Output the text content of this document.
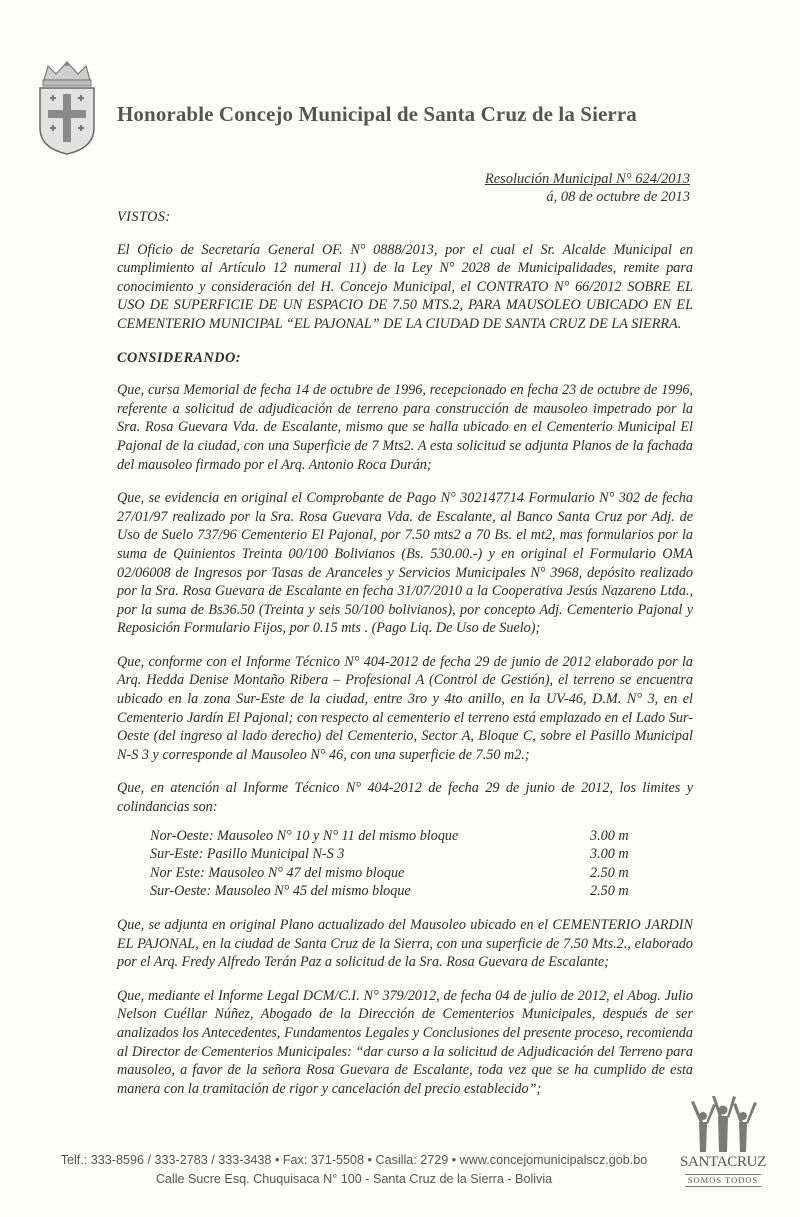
Honorable Concejo Municipal de Santa Cruz de la Sierra
Resolución Municipal N° 624/2013
á, 08 de octubre de 2013
VISTOS:

El Oficio de Secretaría General OF. N° 0888/2013, por el cual el Sr. Alcalde Municipal en cumplimiento al Artículo 12 numeral 11) de la Ley N° 2028 de Municipalidades, remite para conocimiento y consideración del H. Concejo Municipal, el CONTRATO N° 66/2012 SOBRE EL USO DE SUPERFICIE DE UN ESPACIO DE 7.50 MTS.2, PARA MAUSOLEO UBICADO EN EL CEMENTERIO MUNICIPAL “EL PAJONAL” DE LA CIUDAD DE SANTA CRUZ DE LA SIERRA.

CONSIDERANDO:

Que, cursa Memorial de fecha 14 de octubre de 1996, recepcionado en fecha 23 de octubre de 1996, referente a solicitud de adjudicación de terreno para construcción de mausoleo impetrado por la Sra. Rosa Guevara Vda. de Escalante, mismo que se halla ubicado en el Cementerio Municipal El Pajonal de la ciudad, con una Superficie de 7 Mts2. A esta solicitud se adjunta Planos de la fachada del mausoleo firmado por el Arq. Antonio Roca Durán;

Que, se evidencia en original el Comprobante de Pago N° 302147714 Formulario N° 302 de fecha 27/01/97 realizado por la Sra. Rosa Guevara Vda. de Escalante, al Banco Santa Cruz por Adj. de Uso de Suelo 737/96 Cementerio El Pajonal, por 7.50 mts2 a 70 Bs. el mt2, mas formularios por la suma de Quinientos Treinta 00/100 Bolivianos (Bs. 530.00.-) y en original el Formulario OMA 02/06008 de Ingresos por Tasas de Aranceles y Servicios Municipales N° 3968, depósito realizado por la Sra. Rosa Guevara de Escalante en fecha 31/07/2010 a la Cooperativa Jesús Nazareno Ltda., por la suma de Bs36.50 (Treinta y seis 50/100 bolivianos), por concepto Adj. Cementerio Pajonal y Reposición Formulario Fijos, por 0.15 mts . (Pago Liq. De Uso de Suelo);

Que, conforme con el Informe Técnico N° 404-2012 de fecha 29 de junio de 2012 elaborado por la Arq. Hedda Denise Montaño Ribera – Profesional A (Control de Gestión), el terreno se encuentra ubicado en la zona Sur-Este de la ciudad, entre 3ro y 4to anillo, en la UV-46, D.M. N° 3, en el Cementerio Jardín El Pajonal; con respecto al cementerio el terreno está emplazado en el Lado Sur-Oeste (del ingreso al lado derecho) del Cementerio, Sector A, Bloque C, sobre el Pasillo Municipal N-S 3 y corresponde al Mausoleo N° 46, con una superficie de 7.50 m2.;

Que, en atención al Informe Técnico N° 404-2012 de fecha 29 de junio de 2012, los limites y colindancias son:

Nor-Oeste: Mausoleo N° 10 y N° 11 del mismo bloque	3.00 m
Sur-Este: Pasillo Municipal N-S 3	3.00 m
Nor Este: Mausoleo N° 47 del mismo bloque	2.50 m
Sur-Oeste: Mausoleo N° 45 del mismo bloque	2.50 m

Que, se adjunta en original Plano actualizado del Mausoleo ubicado en el CEMENTERIO JARDIN EL PAJONAL, en la ciudad de Santa Cruz de la Sierra, con una superficie de 7.50 Mts.2., elaborado por el Arq. Fredy Alfredo Terán Paz a solicitud de la Sra. Rosa Guevara de Escalante;

Que, mediante el Informe Legal DCM/C.I. N° 379/2012, de fecha 04 de julio de 2012, el Abog. Julio Nelson Cuéllar Núñez, Abogado de la Dirección de Cementerios Municipales, después de ser analizados los Antecedentes, Fundamentos Legales y Conclusiones del presente proceso, recomienda al Director de Cementerios Municipales: “dar curso a la solicitud de Adjudicación del Terreno para mausoleo, a favor de la señora Rosa Guevara de Escalante, toda vez que se ha cumplido de esta manera con la tramitación de rigor y cancelación del precio establecido”;

Telf.: 333-8596 / 333-2783 / 333-3438 • Fax: 371-5508 • Casilla: 2729 • www.concejomunicipalscz.gob.bo
Calle Sucre Esq. Chuquisaca N° 100 - Santa Cruz de la Sierra - Bolivia
SANTACRUZ
SOMOS TODOS
